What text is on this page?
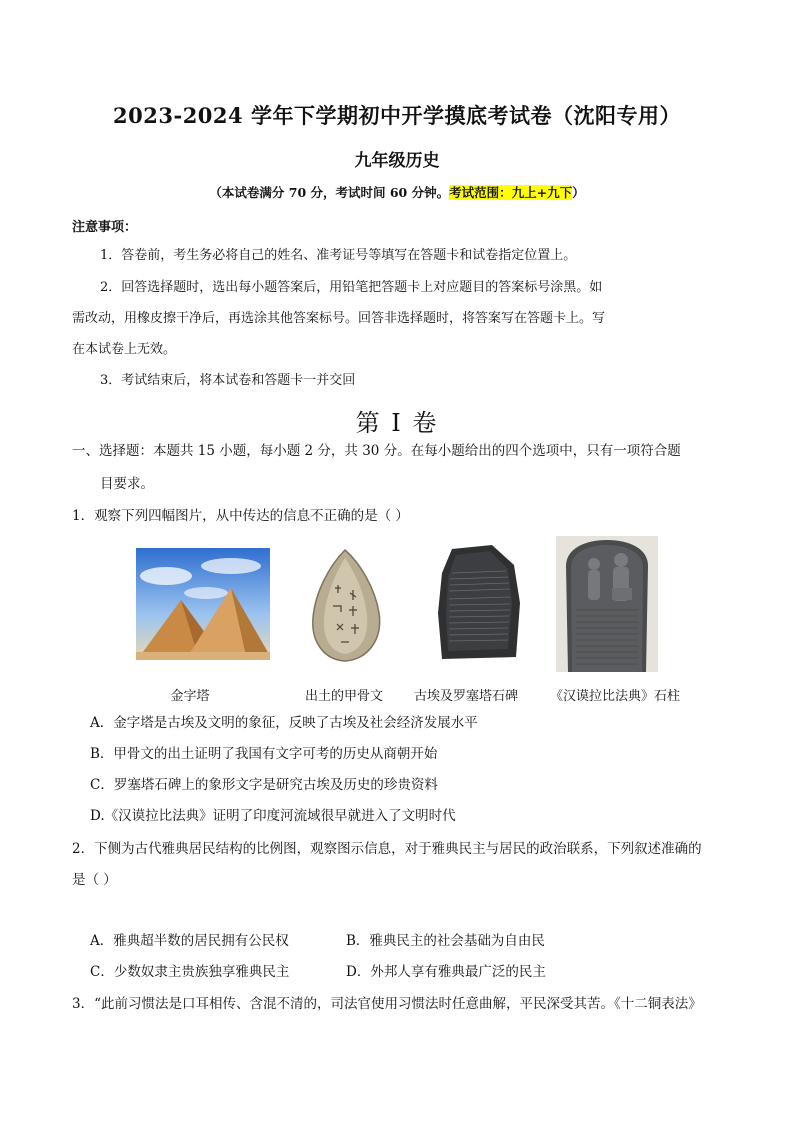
2023-2024 学年下学期初中开学摸底考试卷（沈阳专用）
九年级历史
（本试卷满分 70 分，考试时间 60 分钟。考试范围：九上+九下）
注意事项：
1．答卷前，考生务必将自己的姓名、准考证号等填写在答题卡和试卷指定位置上。
2．回答选择题时，选出每小题答案后，用铅笔把答题卡上对应题目的答案标号涂黑。如
需改动，用橡皮擦干净后，再选涂其他答案标号。回答非选择题时，将答案写在答题卡上。写
在本试卷上无效。
3．考试结束后，将本试卷和答题卡一并交回
第 I 卷
一、选择题：本题共 15 小题，每小题 2 分，共 30 分。在每小题给出的四个选项中，只有一项符合题
目要求。
1．观察下列四幅图片，从中传达的信息不正确的是（ ）
金字塔	出土的甲骨文	古埃及罗塞塔石碑	《汉谟拉比法典》石柱
A．金字塔是古埃及文明的象征，反映了古埃及社会经济发展水平
B．甲骨文的出土证明了我国有文字可考的历史从商朝开始
C．罗塞塔石碑上的象形文字是研究古埃及历史的珍贵资料
D.《汉谟拉比法典》证明了印度河流域很早就进入了文明时代
2．下侧为古代雅典居民结构的比例图，观察图示信息，对于雅典民主与居民的政治联系，下列叙述准确的
是（ ）
A．雅典超半数的居民拥有公民权	B．雅典民主的社会基础为自由民
C．少数奴隶主贵族独享雅典民主	D．外邦人享有雅典最广泛的民主
3．“此前习惯法是口耳相传、含混不清的，司法官使用习惯法时任意曲解，平民深受其苦。《十二铜表法》
